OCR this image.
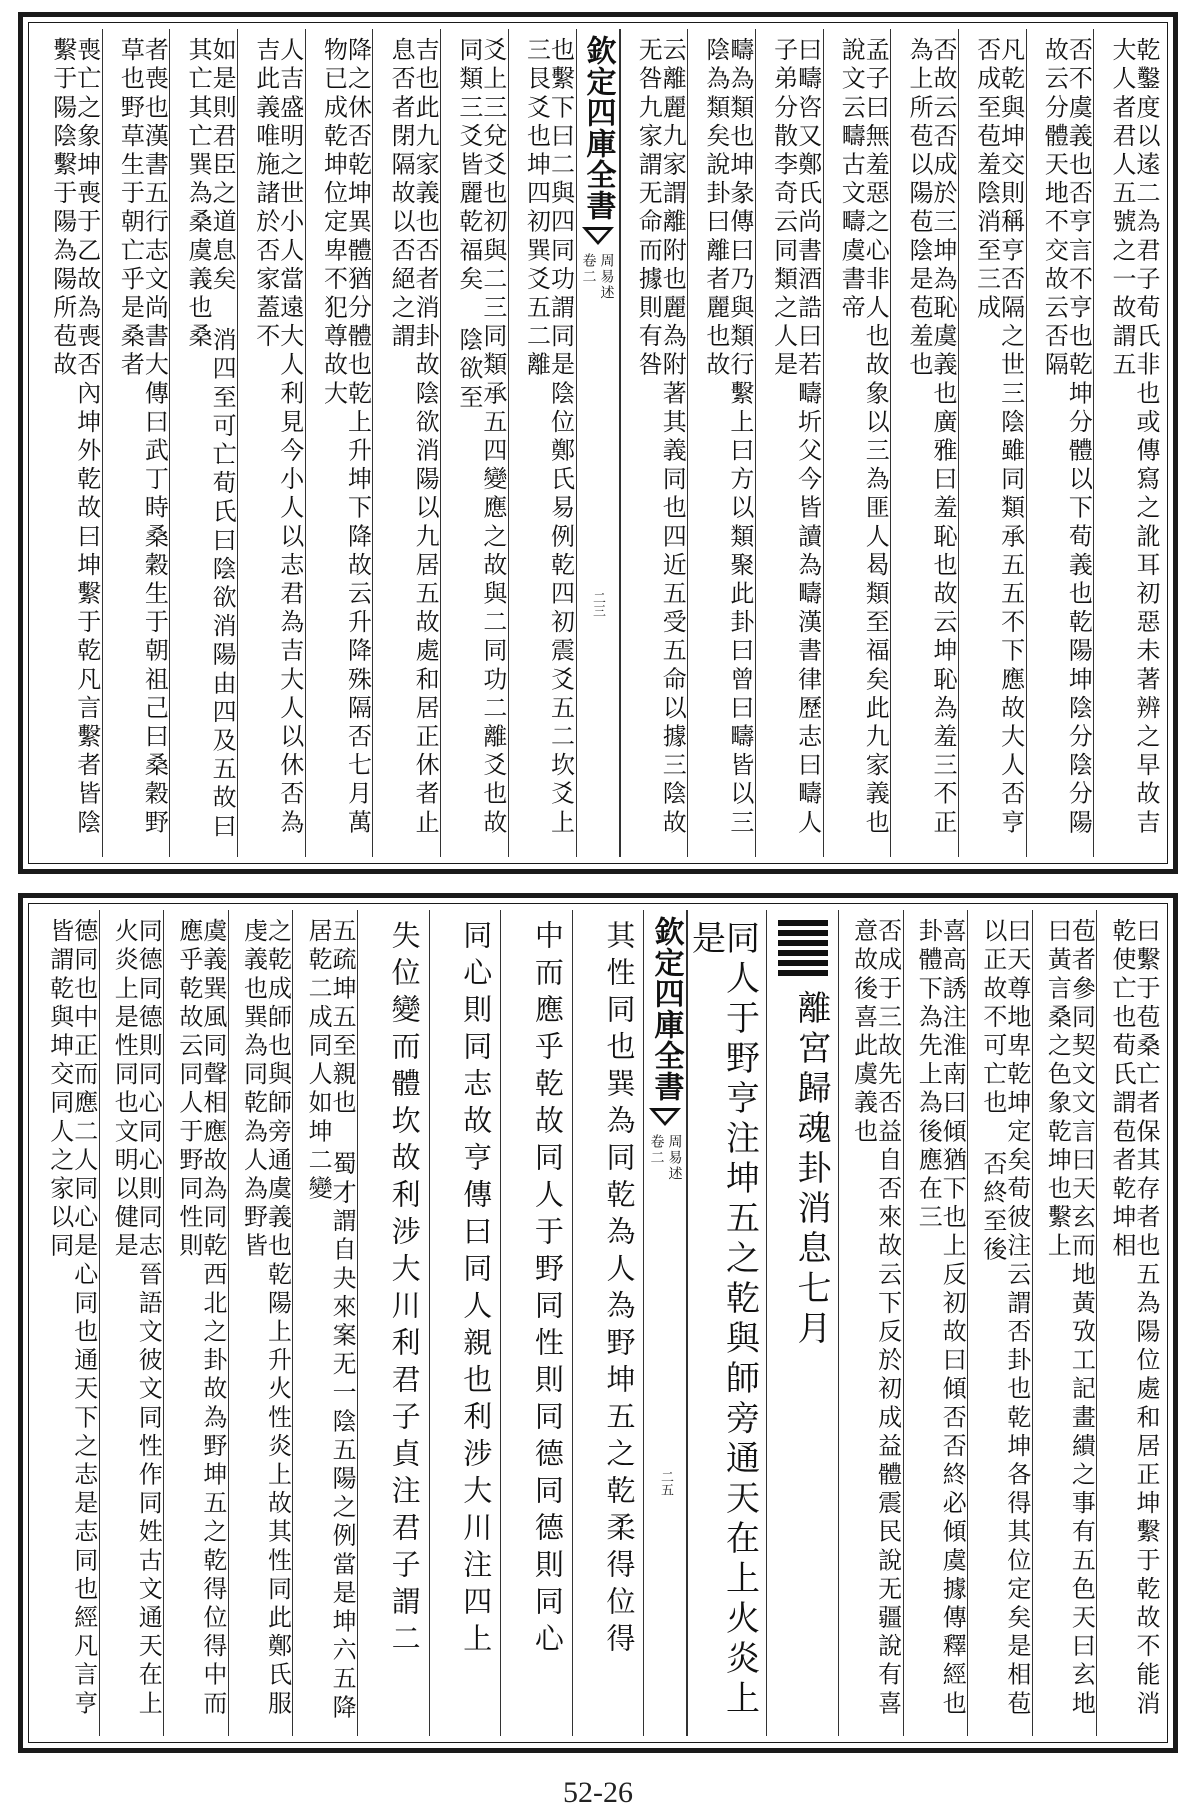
乾鑿度以逺二為君子荀氏非也或傳寫之訛耳初惡未著辨之早故吉大人者君人五號之一故謂五
否不虞義也否亨言不亨也乾坤分體以下荀義也乾陽坤陰分陰分陽故云分體天地不交故云否隔
凡乾與坤交則稱亨否隔之世三陰雖同類承五五不下應故大人否亨否成至苞羞陰消至三成
否故云否成於三坤為恥虞義也廣雅曰羞恥也故云坤恥為羞三不正為上所苞以陽苞陰是苞羞也
孟子曰無羞惡之心非人也故象以三為匪人曷類至福矣此九家義也說文云疇古文疇虞書帝
曰疇咨又鄭氏尚書酒誥曰若疇圻父今皆讀為疇漢書律歷志曰疇人子弟分散李奇云同類之人是
疇為類也坤彖傳曰乃與類行繫上曰方以類聚此卦曰曾曰疇皆以三陰為類矣說卦曰離者麗也故
云離麗九家謂離附也麗為附著其義同也四近五受五命以據三陰故无咎九家謂无命而據則有咎
欽定四庫全書
周易述
卷二
二三
也繫下曰二與四同功謂同是陰位鄭氏易例乾四初震爻五二坎爻上三艮爻也坤四初巽爻五二離
爻上三兌爻也初與二三同類承五四變應之故與二同功二離爻也故同類三爻皆麗乾福矣 陰欲至
吉也此九家義也否者消卦故陰欲消陽以九居五故處和居正休者止息否者閉隔故以否絕之謂
降之休否乾坤異體猶分體也乾上升坤下降故云升降殊隔否七月萬物已成乾坤位定卑不犯尊故大
人吉盛明之世小人當遠大人利見今小人以志君為吉大人以休否為吉此義唯施諸於否家蓋不
如是則君臣之道息矣 消四至可亡荀氏曰陰欲消陽由四及五故曰其亡其亡巽為桑虞義也桑
者喪也漢書五行志文尚書大傳曰武丁時桑穀生于朝祖己曰桑穀野草也野草生于朝亡乎是桑者
喪亡之象坤喪于乙故為喪否內坤外乾故曰坤繫于乾凡言繫者皆陰繫于陽陰繫于陽為陽所苞故
曰繫于苞桑亡者保其存者也五為陽位處和居正坤繫于乾故不能消乾使亡也荀氏謂苞者乾坤相
苞者參同契文文言曰天玄而地黃攷工記畫繢之事有五色天曰玄地曰黃言桑之色象乾坤也繫上
曰天尊地卑乾坤定矣荀彼注云謂否卦也乾坤各得其位定矣是相苞以正故不可亡也 否終至後
喜高誘注淮南曰傾猶下也上反初故曰傾否否終必傾虞據傳釋經也卦體下為先上為後應在三
否成于三故先否益自否來故云下反於初成益體震民說无疆說有喜意故後喜此虞義也
離宮歸魂卦消息七月
同人于野亨注坤五之乾與師旁通天在上火炎上是
欽定四庫全書
周易述
卷二
二五
其性同也巽為同乾為人為野坤五之乾柔得位得
中而應乎乾故同人于野同性則同德同德則同心
同心則同志故亨傳曰同人親也利涉大川注四上
失位變而體坎故利涉大川利君子貞注君子謂二
五疏坤五至親也 蜀才謂自夬來案无一陰五陽之例當是坤六五降居乾二成同人如坤二變
之乾成師也與師旁通虞義也乾陽上升火性炎上故其性同此鄭氏服虔義也巽為同乾為人為野皆
虞義巽風同聲相應故為同乾西北之卦故為野坤五之乾得位得中而應乎乾故云同人于野同性則
同德同德則同心同心則同志晉語文彼文同性作同姓古文通天在上火炎上是性同也文明以健是
德同也中正而應二人同心是心同也通天下之志是志同也經凡言亨皆謂乾與坤交同人之家以同
52-26
